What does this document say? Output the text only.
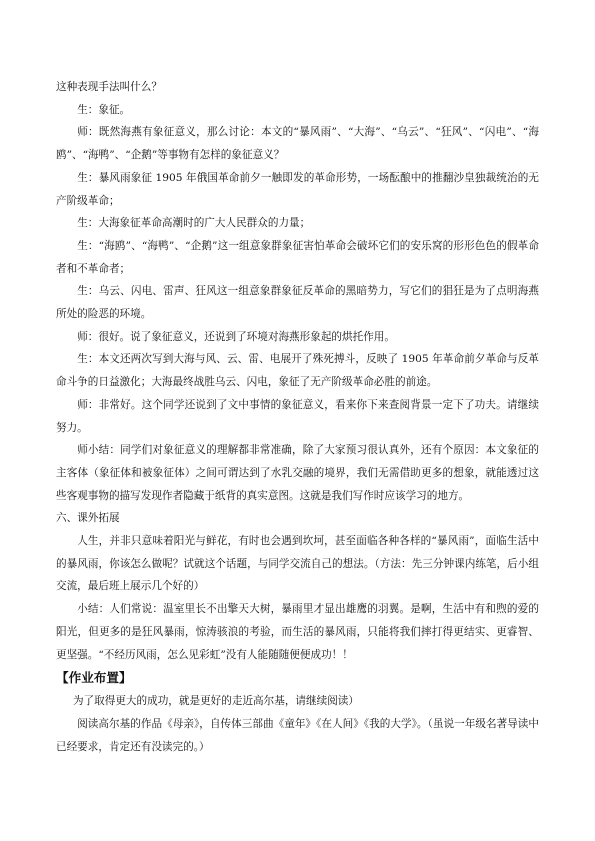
这种表现手法叫什么？

生：象征。

师：既然海燕有象征意义，那么讨论：本文的“暴风雨”、“大海”、“乌云”、“狂风”、“闪电”、“海鸥”、“海鸭”、“企鹅”等事物有怎样的象征意义？

生：暴风雨象征 1905 年俄国革命前夕一触即发的革命形势，一场酝酿中的推翻沙皇独裁统治的无产阶级革命；

生：大海象征革命高潮时的广大人民群众的力量；

生：“海鸥”、“海鸭”、“企鹅”这一组意象群象征害怕革命会破坏它们的安乐窝的形形色色的假革命者和不革命者；

生：乌云、闪电、雷声、狂风这一组意象群象征反革命的黑暗势力，写它们的猖狂是为了点明海燕所处的险恶的环境。

师：很好。说了象征意义，还说到了环境对海燕形象起的烘托作用。

生：本文还两次写到大海与风、云、雷、电展开了殊死搏斗，反映了 1905 年革命前夕革命与反革命斗争的日益激化；大海最终战胜乌云、闪电，象征了无产阶级革命必胜的前途。

师：非常好。这个同学还说到了文中事情的象征意义，看来你下来查阅背景一定下了功夫。请继续努力。

师小结：同学们对象征意义的理解都非常准确，除了大家预习很认真外，还有个原因：本文象征的主客体（象征体和被象征体）之间可谓达到了水乳交融的境界，我们无需借助更多的想象，就能透过这些客观事物的描写发现作者隐藏于纸背的真实意图。这就是我们写作时应该学习的地方。

六、课外拓展

人生，并非只意味着阳光与鲜花，有时也会遇到坎坷，甚至面临各种各样的“暴风雨”，面临生活中的暴风雨，你该怎么做呢？试就这个话题，与同学交流自己的想法。（方法：先三分钟课内练笔，后小组交流，最后班上展示几个好的）

小结：人们常说：温室里长不出擎天大树，暴雨里才显出雄鹰的羽翼。是啊，生活中有和煦的爱的阳光，但更多的是狂风暴雨，惊涛骇浪的考验，而生活的暴风雨，只能将我们摔打得更结实、更睿智、更坚强。“不经历风雨，怎么见彩虹”没有人能随随便便成功！！

【作业布置】

为了取得更大的成功，就是更好的走近高尔基，请继续阅读）

阅读高尔基的作品《母亲》，自传体三部曲《童年》《在人间》《我的大学》。（虽说一年级名著导读中已经要求，肯定还有没读完的。）
